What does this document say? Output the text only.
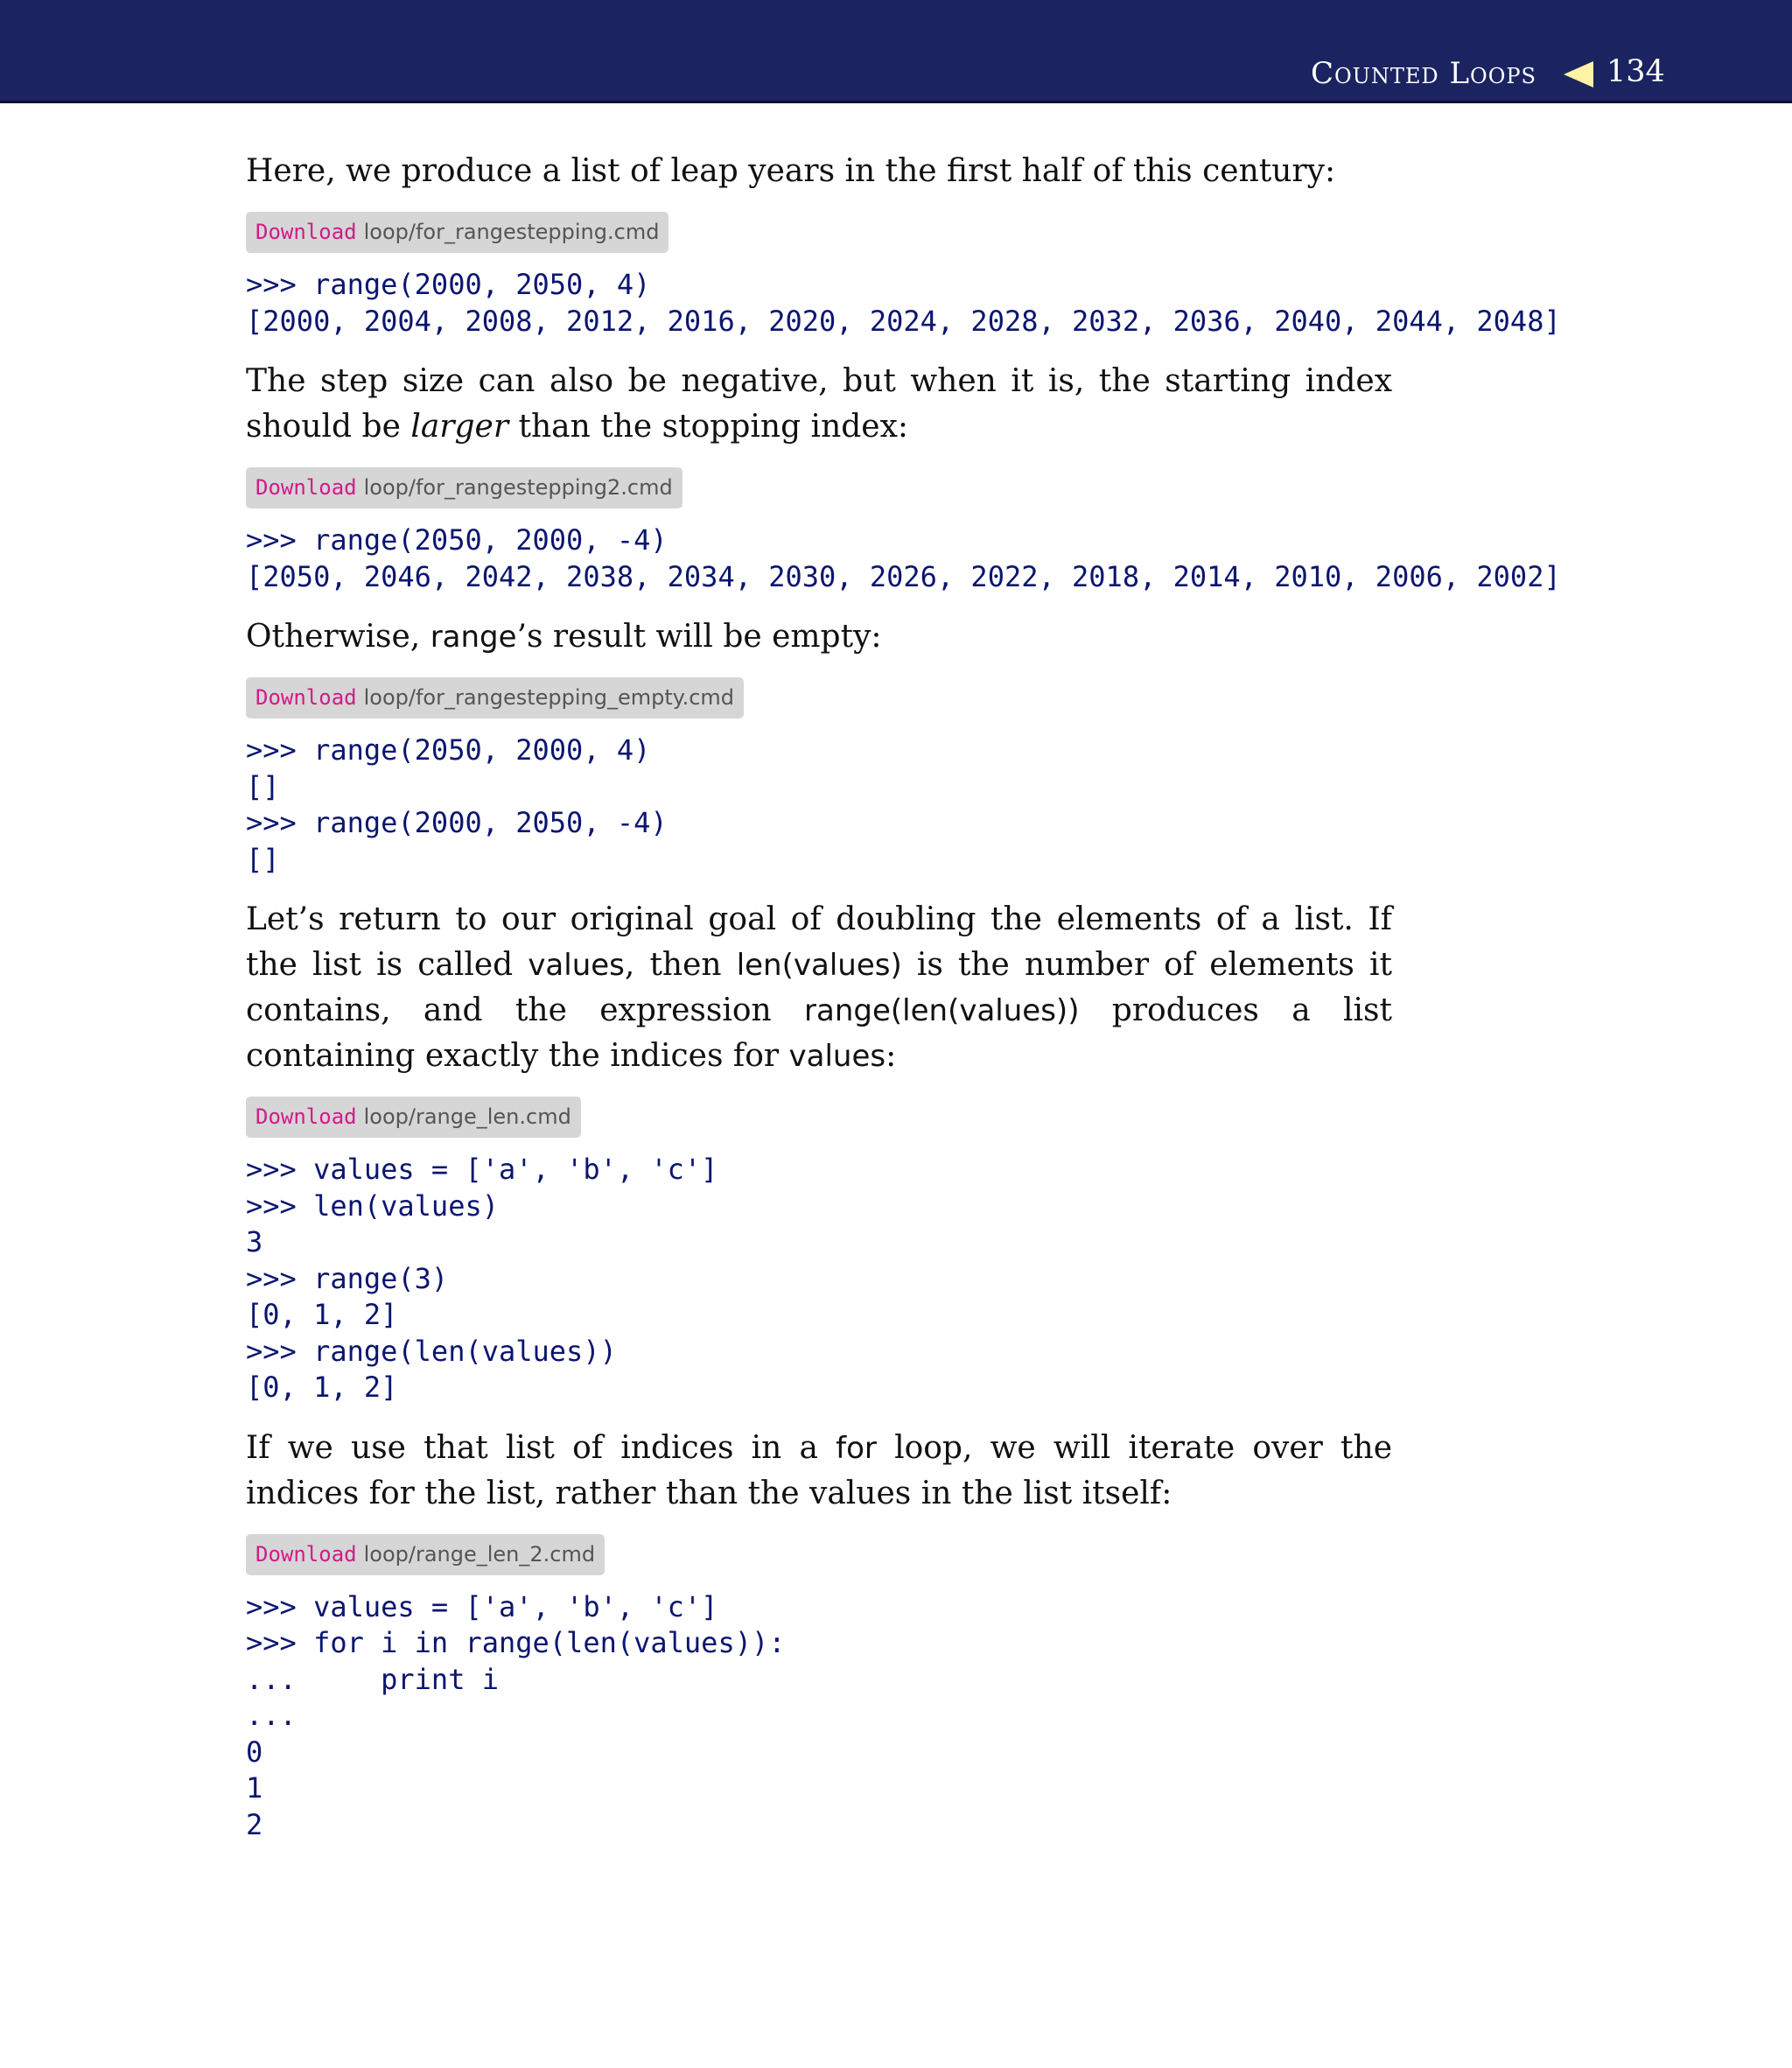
Counted Loops 134

Here, we produce a list of leap years in the first half of this century:

Download loop/for_rangestepping.cmd
>>> range(2000, 2050, 4)
[2000, 2004, 2008, 2012, 2016, 2020, 2024, 2028, 2032, 2036, 2040, 2044, 2048]

The step size can also be negative, but when it is, the starting index should be larger than the stopping index:

Download loop/for_rangestepping2.cmd
>>> range(2050, 2000, -4)
[2050, 2046, 2042, 2038, 2034, 2030, 2026, 2022, 2018, 2014, 2010, 2006, 2002]

Otherwise, range’s result will be empty:

Download loop/for_rangestepping_empty.cmd
>>> range(2050, 2000, 4)
[]
>>> range(2000, 2050, -4)
[]

Let’s return to our original goal of doubling the elements of a list. If the list is called values, then len(values) is the number of elements it contains, and the expression range(len(values)) produces a list containing exactly the indices for values:

Download loop/range_len.cmd
>>> values = ['a', 'b', 'c']
>>> len(values)
3
>>> range(3)
[0, 1, 2]
>>> range(len(values))
[0, 1, 2]

If we use that list of indices in a for loop, we will iterate over the indices for the list, rather than the values in the list itself:

Download loop/range_len_2.cmd
>>> values = ['a', 'b', 'c']
>>> for i in range(len(values)):
...     print i
...
0
1
2
